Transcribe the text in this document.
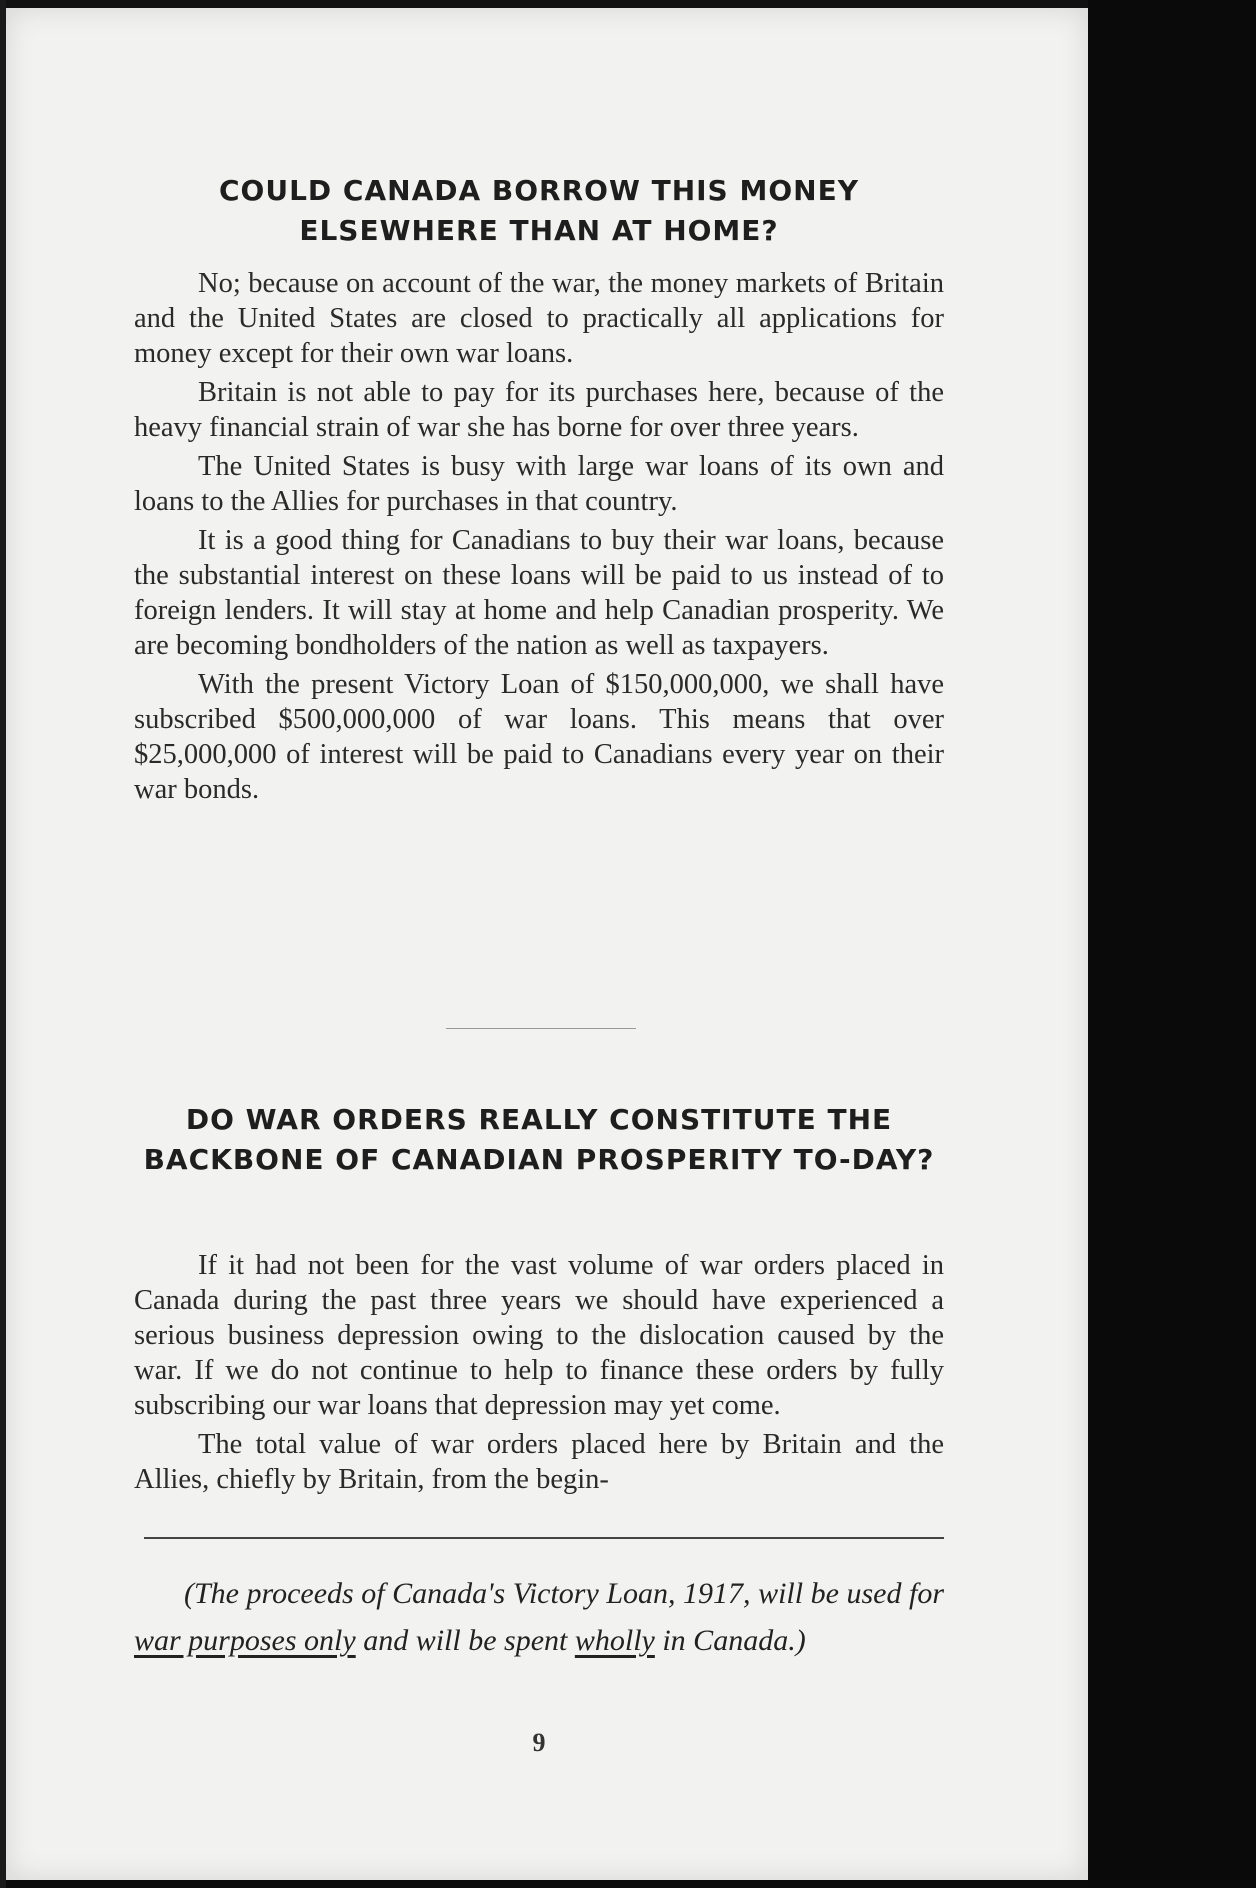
COULD CANADA BORROW THIS MONEY ELSEWHERE THAN AT HOME?

No; because on account of the war, the money markets of Britain and the United States are closed to practically all applications for money except for their own war loans.

Britain is not able to pay for its purchases here, because of the heavy financial strain of war she has borne for over three years.

The United States is busy with large war loans of its own and loans to the Allies for purchases in that country.

It is a good thing for Canadians to buy their war loans, because the substantial interest on these loans will be paid to us instead of to foreign lenders. It will stay at home and help Canadian prosperity. We are becoming bondholders of the nation as well as taxpayers.

With the present Victory Loan of $150,000,000, we shall have subscribed $500,000,000 of war loans. This means that over $25,000,000 of interest will be paid to Canadians every year on their war bonds.

DO WAR ORDERS REALLY CONSTITUTE THE BACKBONE OF CANADIAN PROSPERITY TO-DAY?

If it had not been for the vast volume of war orders placed in Canada during the past three years we should have experienced a serious business depression owing to the dislocation caused by the war. If we do not continue to help to finance these orders by fully subscribing our war loans that depression may yet come.

The total value of war orders placed here by Britain and the Allies, chiefly by Britain, from the begin-

(The proceeds of Canada's Victory Loan, 1917, will be used for war purposes only and will be spent wholly in Canada.)
9
